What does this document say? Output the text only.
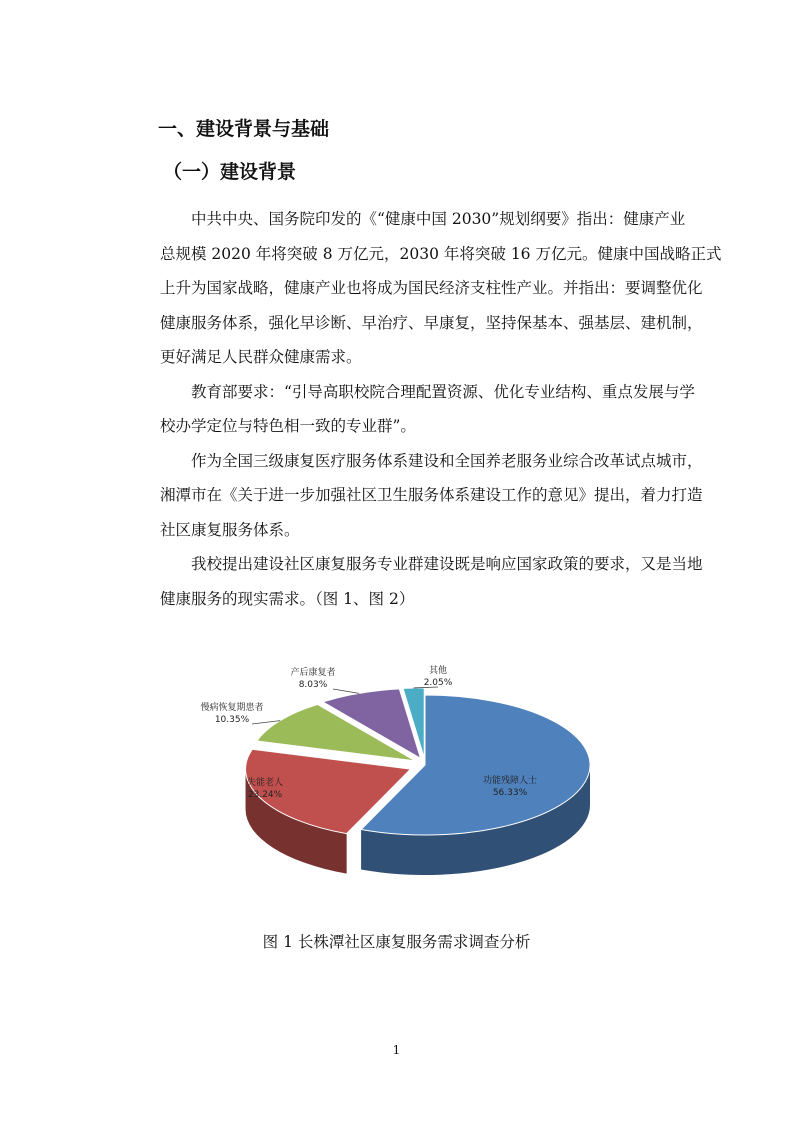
一、建设背景与基础
（一）建设背景
中共中央、国务院印发的《“健康中国 2030”规划纲要》指出：健康产业
总规模 2020 年将突破 8 万亿元，2030 年将突破 16 万亿元。健康中国战略正式
上升为国家战略，健康产业也将成为国民经济支柱性产业。并指出：要调整优化
健康服务体系，强化早诊断、早治疗、早康复，坚持保基本、强基层、建机制，
更好满足人民群众健康需求。
教育部要求：“引导高职校院合理配置资源、优化专业结构、重点发展与学
校办学定位与特色相一致的专业群”。
作为全国三级康复医疗服务体系建设和全国养老服务业综合改革试点城市，
湘潭市在《关于进一步加强社区卫生服务体系建设工作的意见》提出，着力打造
社区康复服务体系。
我校提出建设社区康复服务专业群建设既是响应国家政策的要求，又是当地
健康服务的现实需求。（图 1、图 2）
功能残障人士
56.33%
失能老人
23.24%
慢病恢复期患者
10.35%
产后康复者
8.03%
其他
2.05%
图 1 长株潭社区康复服务需求调查分析
1
